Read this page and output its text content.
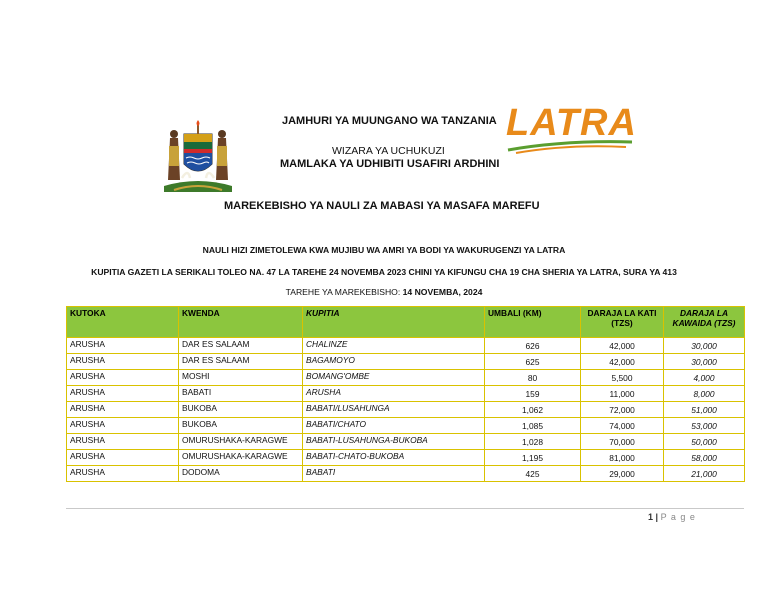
LATRA
JAMHURI YA MUUNGANO WA TANZANIA
WIZARA YA UCHUKUZI
MAMLAKA YA UDHIBITI USAFIRI ARDHINI
MAREKEBISHO YA NAULI ZA MABASI YA MASAFA MAREFU
NAULI HIZI ZIMETOLEWA KWA MUJIBU WA AMRI YA BODI YA WAKURUGENZI YA LATRA
KUPITIA GAZETI LA SERIKALI TOLEO NA. 47 LA TAREHE 24 NOVEMBA 2023 CHINI YA KIFUNGU CHA 19 CHA SHERIA YA LATRA, SURA YA 413
TAREHE YA MAREKEBISHO: 14 NOVEMBA, 2024
KUTOKA	KWENDA	KUPITIA	UMBALI (KM)	DARAJA LA KATI (TZS)	DARAJA LA KAWAIDA (TZS)
ARUSHA	DAR ES SALAAM	CHALINZE	626	42,000	30,000
ARUSHA	DAR ES SALAAM	BAGAMOYO	625	42,000	30,000
ARUSHA	MOSHI	BOMANG'OMBE	80	5,500	4,000
ARUSHA	BABATI	ARUSHA	159	11,000	8,000
ARUSHA	BUKOBA	BABATI/LUSAHUNGA	1,062	72,000	51,000
ARUSHA	BUKOBA	BABATI/CHATO	1,085	74,000	53,000
ARUSHA	OMURUSHAKA-KARAGWE	BABATI-LUSAHUNGA-BUKOBA	1,028	70,000	50,000
ARUSHA	OMURUSHAKA-KARAGWE	BABATI-CHATO-BUKOBA	1,195	81,000	58,000
ARUSHA	DODOMA	BABATI	425	29,000	21,000
1 | P a g e
